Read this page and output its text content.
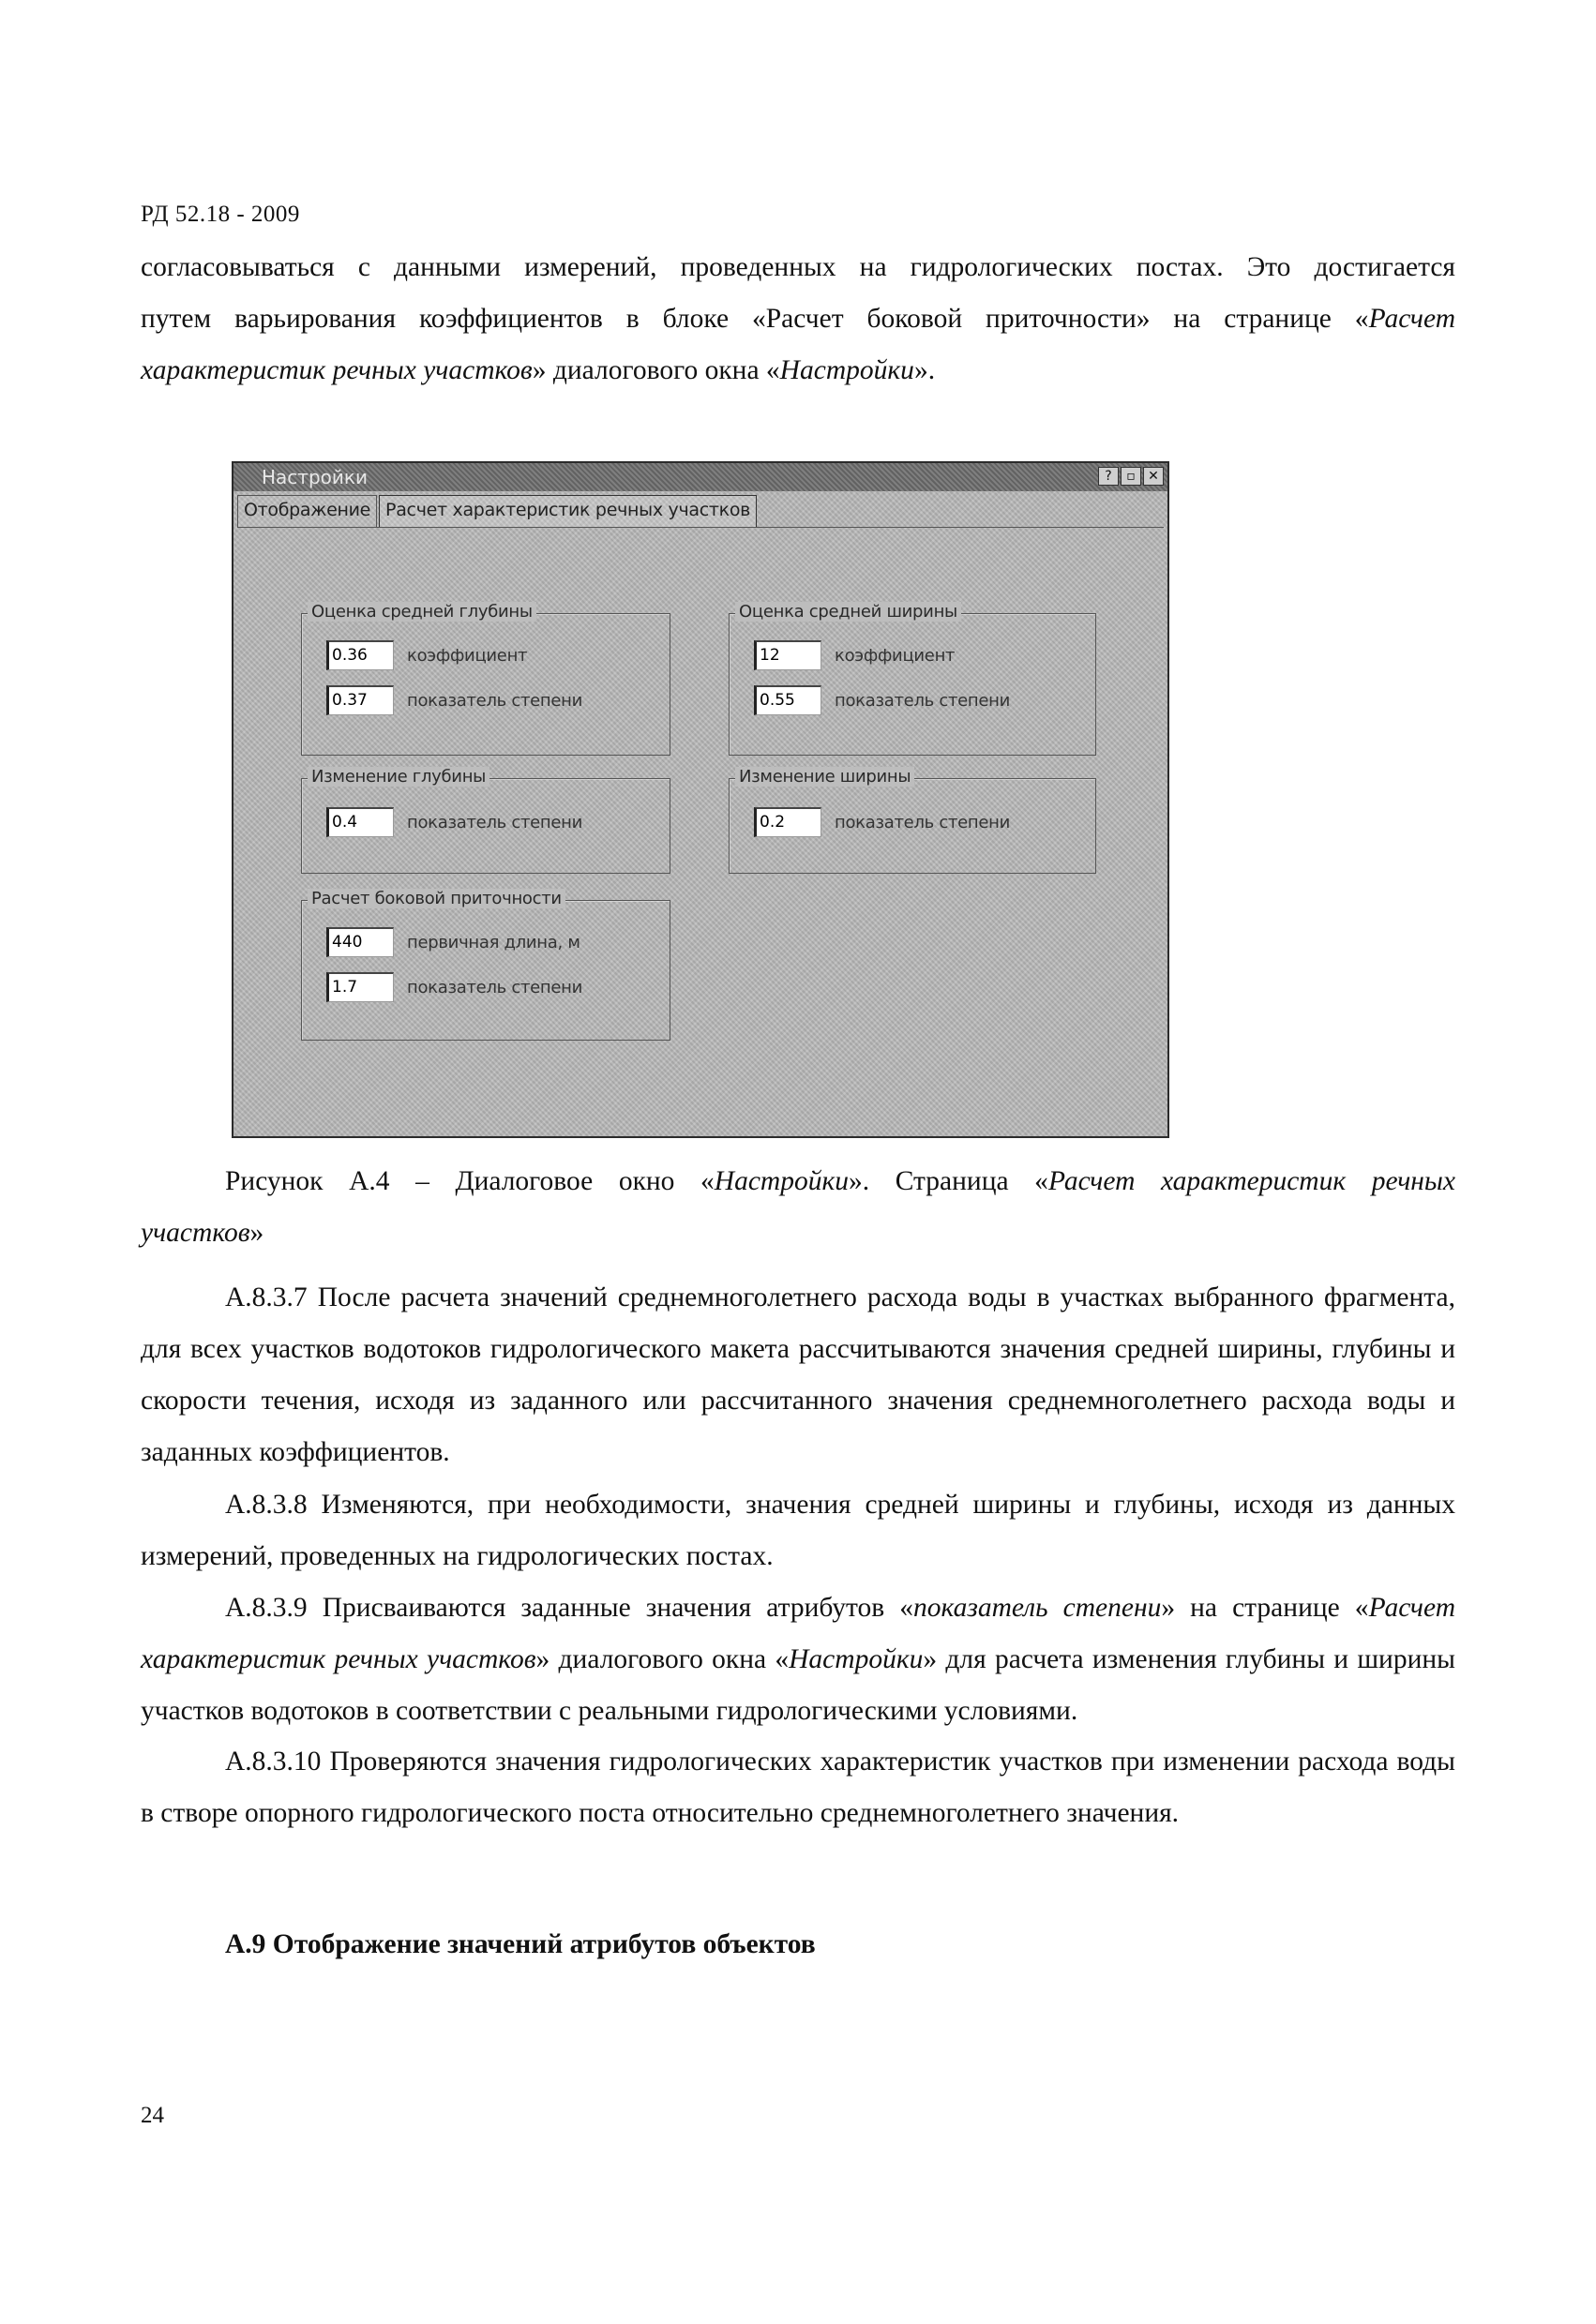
РД 52.18 - 2009

согласовываться с данными измерений, проведенных на гидрологических постах. Это достигается
путем варьирования коэффициентов в блоке «Расчет боковой приточности» на странице «Расчет
характеристик речных участков» диалогового окна «Настройки».

Настройки	?	▫ ✕
Отображение Расчет характеристик речных участков
Оценка средней глубины
0.36	коэффициент
0.37	показатель степени
Оценка средней ширины
12	коэффициент
0.55	показатель степени
Изменение глубины
0.4	показатель степени
Изменение ширины
0.2	показатель степени
Расчет боковой приточности
440	первичная длина, м
1.7	показатель степени

Рисунок А.4 – Диалоговое окно «Настройки». Страница «Расчет характеристик речных
участков»

А.8.3.7 После расчета значений среднемноголетнего расхода воды в участках выбранного фрагмента, для всех участков водотоков гидрологического макета рассчитываются значения средней ширины, глубины и скорости течения, исходя из заданного или рассчитанного значения среднемноголетнего расхода воды и заданных коэффициентов.

А.8.3.8 Изменяются, при необходимости, значения средней ширины и глубины, исходя из данных измерений, проведенных на гидрологических постах.

А.8.3.9 Присваиваются заданные значения атрибутов «показатель степени» на странице «Расчет характеристик речных участков» диалогового окна «Настройки» для расчета изменения глубины и ширины участков водотоков в соответствии с реальными гидрологическими условиями.

А.8.3.10 Проверяются значения гидрологических характеристик участков при изменении расхода воды в створе опорного гидрологического поста относительно среднемноголетнего значения.

А.9 Отображение значений атрибутов объектов
24
